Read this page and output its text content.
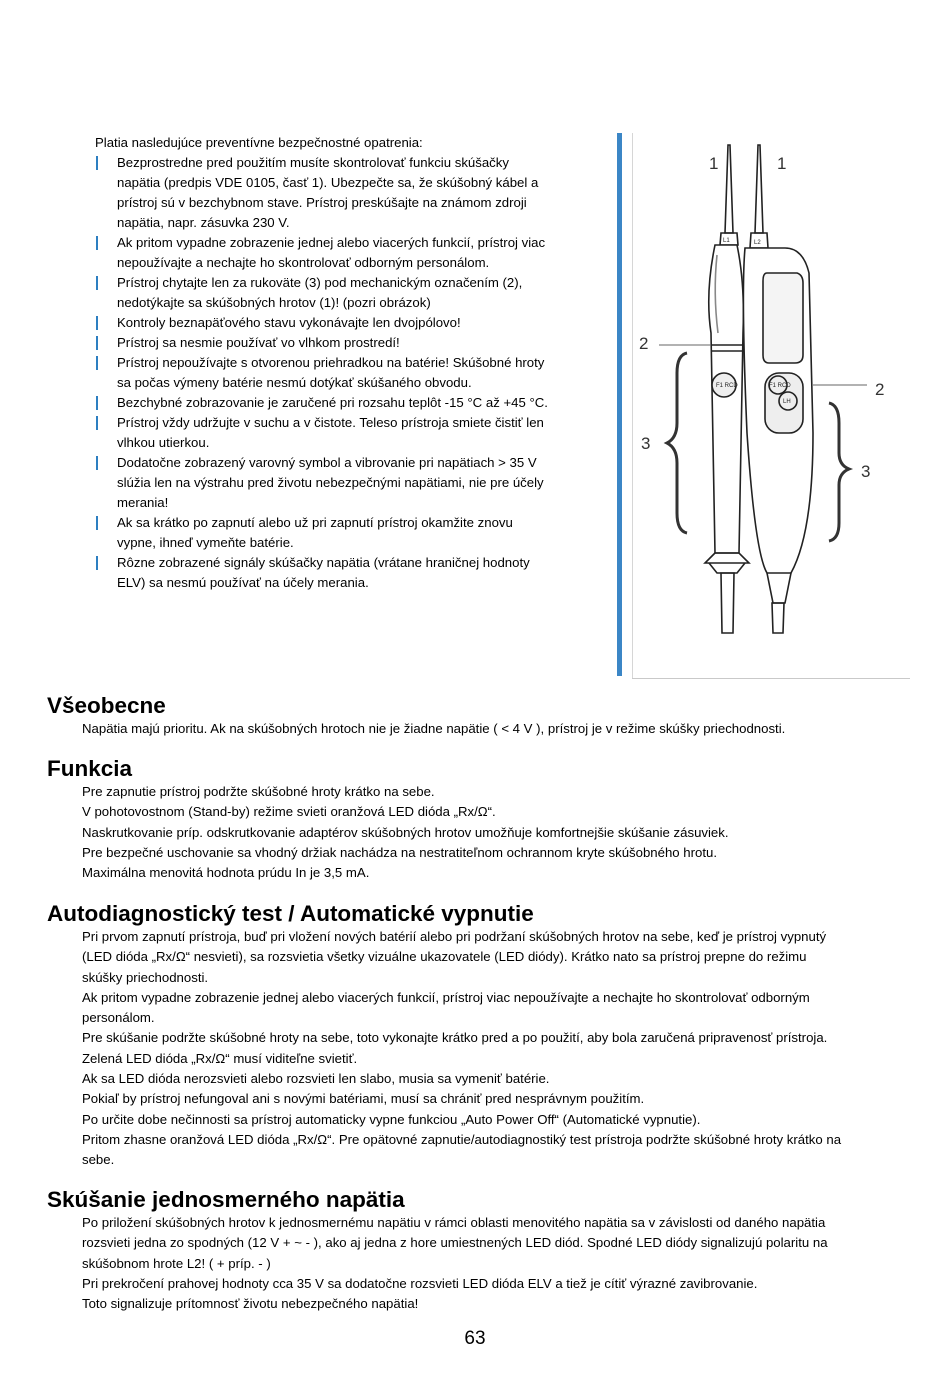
Platia nasledujúce preventívne bezpečnostné opatrenia:

Bezprostredne pred použitím musíte skontrolovať funkciu skúšačky
napätia (predpis VDE 0105, časť 1). Ubezpečte sa, že skúšobný kábel a
prístroj sú v bezchybnom stave. Prístroj preskúšajte na známom zdroji
napätia, napr. zásuvka 230 V.
Ak pritom vypadne zobrazenie jednej alebo viacerých funkcií, prístroj viac
nepoužívajte a nechajte ho skontrolovať odborným personálom.
Prístroj chytajte len za rukoväte (3) pod mechanickým označením (2),
nedotýkajte sa skúšobných hrotov (1)! (pozri obrázok)
Kontroly beznapäťového stavu vykonávajte len dvojpólovo!
Prístroj sa nesmie používať vo vlhkom prostredí!
Prístroj nepoužívajte s otvorenou priehradkou na batérie! Skúšobné hroty
sa počas výmeny batérie nesmú dotýkať skúšaného obvodu.
Bezchybné zobrazovanie je zaručené pri rozsahu teplôt -15 °C až +45 °C.
Prístroj vždy udržujte v suchu a v čistote. Teleso prístroja smiete čistiť len
vlhkou utierkou.
Dodatočne zobrazený varovný symbol a vibrovanie pri napätiach > 35 V
slúžia len na výstrahu pred životu nebezpečnými napätiami, nie pre účely
merania!
Ak sa krátko po zapnutí alebo už pri zapnutí prístroj okamžite znovu
vypne, ihneď vymeňte batérie.
Rôzne zobrazené signály skúšačky napätia (vrátane hraničnej hodnoty
ELV) sa nesmú používať na účely merania.
1	1
2
2
3
3
L1	L2
F1 RCD	F1 RCD
LH
Všeobecne

Napätia majú prioritu. Ak na skúšobných hrotoch nie je žiadne napätie ( < 4 V ), prístroj je v režime skúšky priechodnosti.

Funkcia

Pre zapnutie prístroj podržte skúšobné hroty krátko na sebe.

V pohotovostnom (Stand-by) režime svieti oranžová LED dióda „Rx/Ω“.

Naskrutkovanie príp. odskrutkovanie adaptérov skúšobných hrotov umožňuje komfortnejšie skúšanie zásuviek.

Pre bezpečné uschovanie sa vhodný držiak nachádza na nestratiteľnom ochrannom kryte skúšobného hrotu.

Maximálna menovitá hodnota prúdu In je 3,5 mA.

Autodiagnostický test / Automatické vypnutie

Pri prvom zapnutí prístroja, buď pri vložení nových batérií alebo pri podržaní skúšobných hrotov na sebe, keď je prístroj vypnutý

(LED dióda „Rx/Ω“ nesvieti), sa rozsvietia všetky vizuálne ukazovatele (LED diódy). Krátko nato sa prístroj prepne do režimu

skúšky priechodnosti.

Ak pritom vypadne zobrazenie jednej alebo viacerých funkcií, prístroj viac nepoužívajte a nechajte ho skontrolovať odborným

personálom.

Pre skúšanie podržte skúšobné hroty na sebe, toto vykonajte krátko pred a po použití, aby bola zaručená pripravenosť prístroja.

Zelená LED dióda „Rx/Ω“ musí viditeľne svietiť.

Ak sa LED dióda nerozsvieti alebo rozsvieti len slabo, musia sa vymeniť batérie.

Pokiaľ by prístroj nefungoval ani s novými batériami, musí sa chrániť pred nesprávnym použitím.

Po určite dobe nečinnosti sa prístroj automaticky vypne funkciou „Auto Power Off“ (Automatické vypnutie).

Pritom zhasne oranžová LED dióda „Rx/Ω“. Pre opätovné zapnutie/autodiagnostiký test prístroja podržte skúšobné hroty krátko na

sebe.

Skúšanie jednosmerného napätia

Po priložení skúšobných hrotov k jednosmernému napätiu v rámci oblasti menovitého napätia sa v závislosti od daného napätia

rozsvieti jedna zo spodných (12 V + ~ - ), ako aj jedna z hore umiestnených LED diód. Spodné LED diódy signalizujú polaritu na

skúšobnom hrote L2! ( + príp. - )

Pri prekročení prahovej hodnoty cca 35 V sa dodatočne rozsvieti LED dióda ELV a tiež je cítiť výrazné zavibrovanie.

Toto signalizuje prítomnosť životu nebezpečného napätia!

63
